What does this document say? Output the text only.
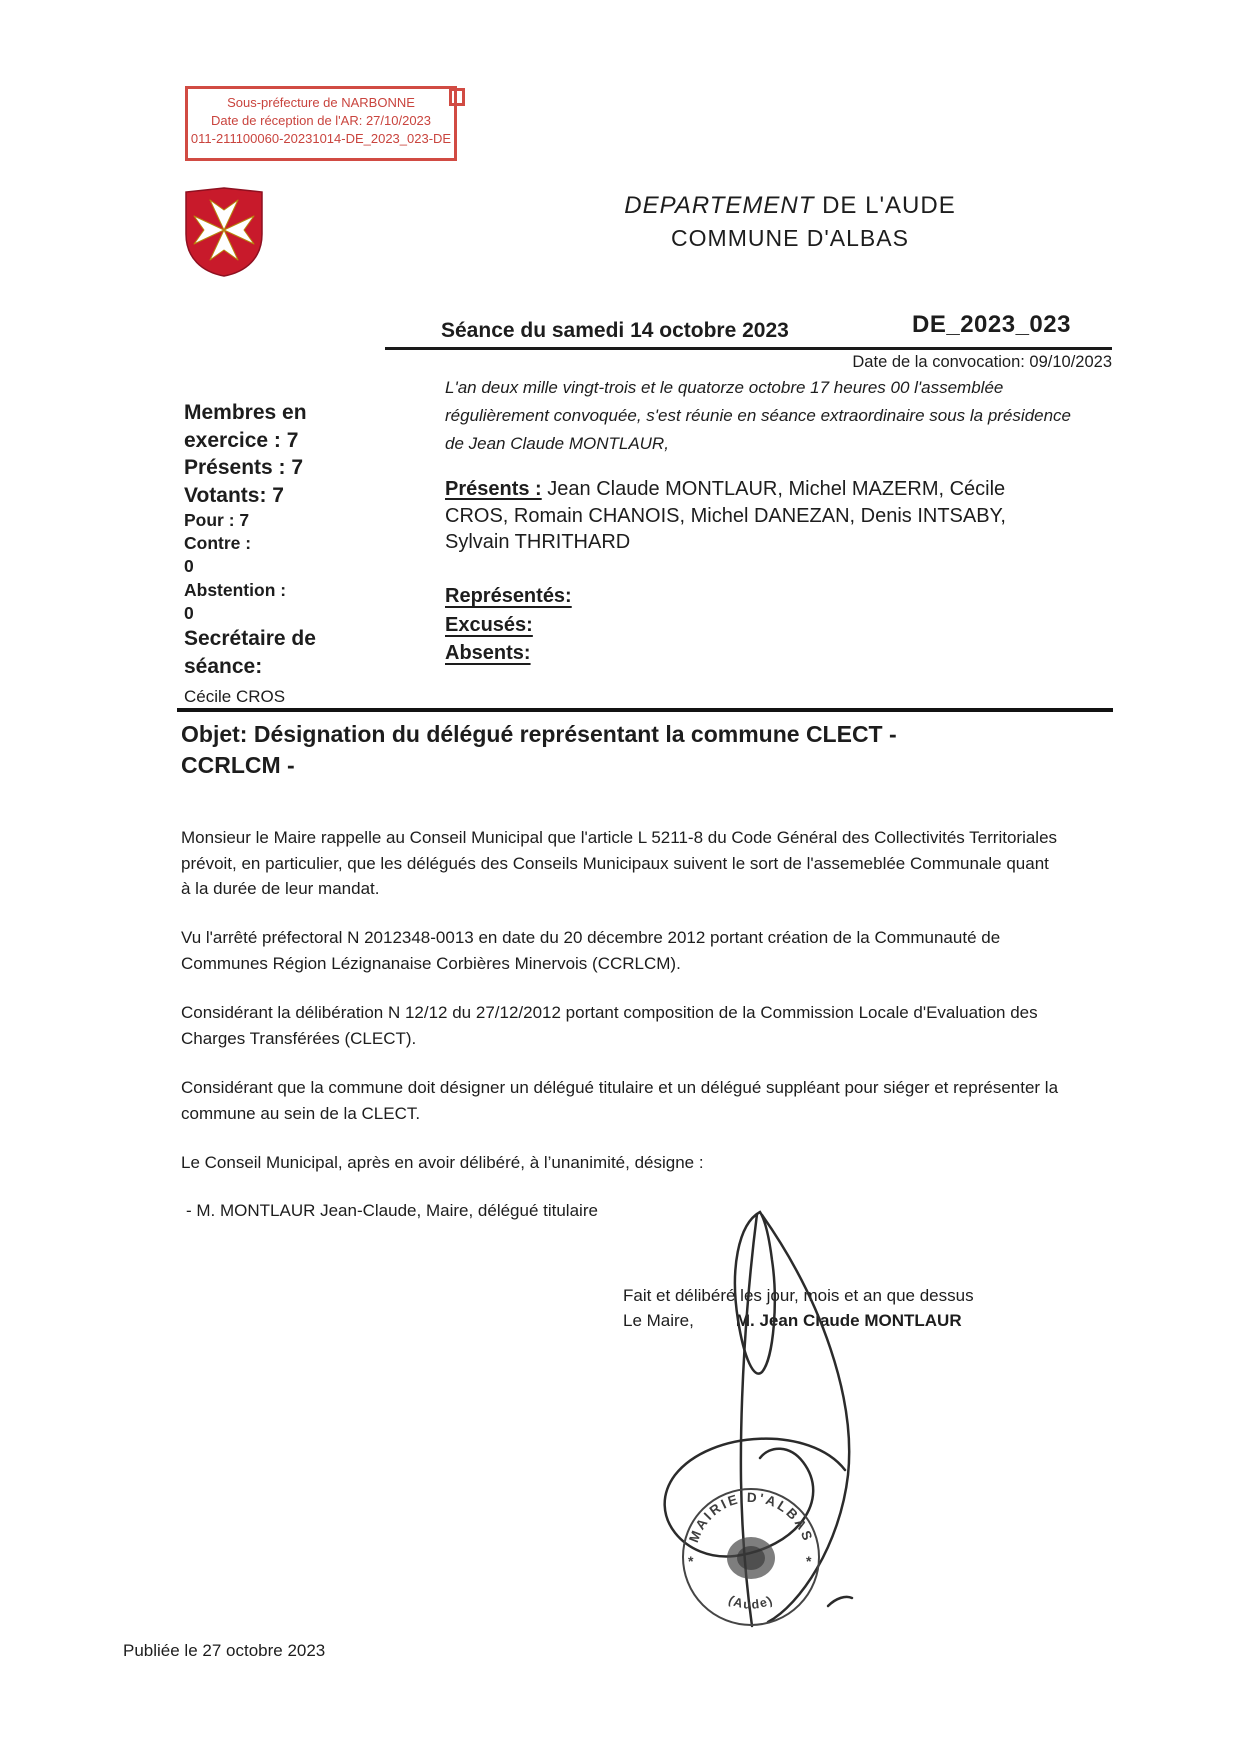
Sous-préfecture de NARBONNE
Date de réception de l'AR: 27/10/2023
011-211100060-20231014-DE_2023_023-DE
DEPARTEMENT DE L'AUDE
COMMUNE D'ALBAS
Séance du samedi 14 octobre 2023	DE_2023_023
Date de la convocation: 09/10/2023
L'an deux mille vingt-trois et le quatorze octobre 17 heures 00 l'assemblée régulièrement convoquée, s'est réunie en séance extraordinaire sous la présidence de Jean Claude MONTLAUR,
Membres en
exercice : 7
Présents : 7
Votants: 7
Pour : 7
Contre :
0
Abstention :
0
Secrétaire de
séance:
Cécile CROS
Présents : Jean Claude MONTLAUR, Michel MAZERM, Cécile CROS, Romain CHANOIS, Michel DANEZAN, Denis INTSABY, Sylvain THRITHARD
Représentés:
Excusés:
Absents:
Objet: Désignation du délégué représentant la commune CLECT -
CCRLCM -
Monsieur le Maire rappelle au Conseil Municipal que l'article L 5211-8 du Code Général des Collectivités Territoriales prévoit, en particulier, que les délégués des Conseils Municipaux suivent le sort de l'assemeblée Communale quant à la durée de leur mandat.
Vu l'arrêté préfectoral N 2012348-0013 en date du 20 décembre 2012 portant création de la Communauté de Communes Région Lézignanaise Corbières Minervois (CCRLCM).
Considérant la délibération N 12/12 du 27/12/2012 portant composition de la Commission Locale d'Evaluation des Charges Transférées (CLECT).
Considérant que la commune doit désigner un délégué titulaire et un délégué suppléant pour siéger et représenter la commune au sein de la CLECT.
Le Conseil Municipal, après en avoir délibéré, à l’unanimité, désigne :
- M. MONTLAUR Jean-Claude, Maire, délégué titulaire
Fait et délibéré les jour, mois et an que dessus
Le Maire, M. Jean Claude MONTLAUR
MAIRIE D'ALBAS
(Aude)
*	*
Publiée le 27 octobre 2023
